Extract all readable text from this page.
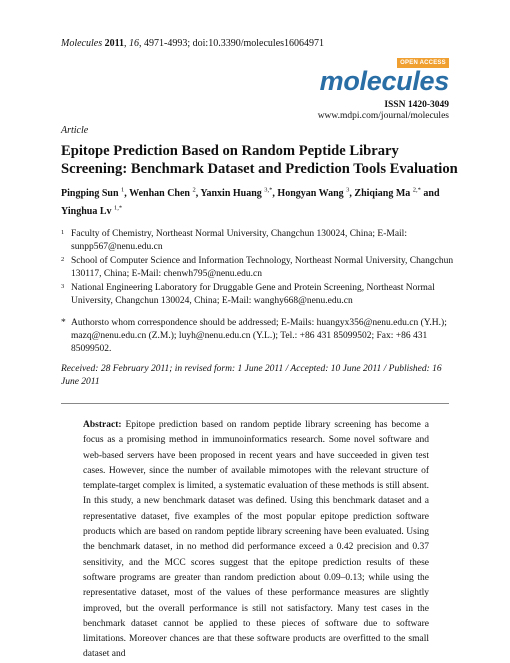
Molecules 2011, 16, 4971-4993; doi:10.3390/molecules16064971
OPEN ACCESS
molecules
ISSN 1420-3049
www.mdpi.com/journal/molecules
Article
Epitope Prediction Based on Random Peptide Library Screening: Benchmark Dataset and Prediction Tools Evaluation
Pingping Sun $^1$, Wenhan Chen $^2$, Yanxin Huang $^{3,*}$, Hongyan Wang $^3$, Zhiqiang Ma $^{2,*}$ and
Yinghua Lv $^{1,*}$
1 Faculty of Chemistry, Northeast Normal University, Changchun 130024, China; E-Mail: sunpp567@nenu.edu.cn
2 School of Computer Science and Information Technology, Northeast Normal University, Changchun 130117, China; E-Mail: chenwh795@nenu.edu.cn
3 National Engineering Laboratory for Druggable Gene and Protein Screening, Northeast Normal University, Changchun 130024, China; E-Mail: wanghy668@nenu.edu.cn
* Authorsto whom correspondence should be addressed; E-Mails: huangyx356@nenu.edu.cn (Y.H.); mazq@nenu.edu.cn (Z.M.); luyh@nenu.edu.cn (Y.L.); Tel.: +86 431 85099502; Fax: +86 431 85099502.
Received: 28 February 2011; in revised form: 1 June 2011 / Accepted: 10 June 2011 / Published: 16 June 2011
Abstract: Epitope prediction based on random peptide library screening has become a focus as a promising method in immunoinformatics research. Some novel software and web-based servers have been proposed in recent years and have succeeded in given test cases. However, since the number of available mimotopes with the relevant structure of template-target complex is limited, a systematic evaluation of these methods is still absent. In this study, a new benchmark dataset was defined. Using this benchmark dataset and a representative dataset, five examples of the most popular epitope prediction software products which are based on random peptide library screening have been evaluated. Using the benchmark dataset, in no method did performance exceed a 0.42 precision and 0.37 sensitivity, and the MCC scores suggest that the epitope prediction results of these software programs are greater than random prediction about 0.09–0.13; while using the representative dataset, most of the values of these performance measures are slightly improved, but the overall performance is still not satisfactory. Many test cases in the benchmark dataset cannot be applied to these pieces of software due to software limitations. Moreover chances are that these software products are overfitted to the small dataset and
